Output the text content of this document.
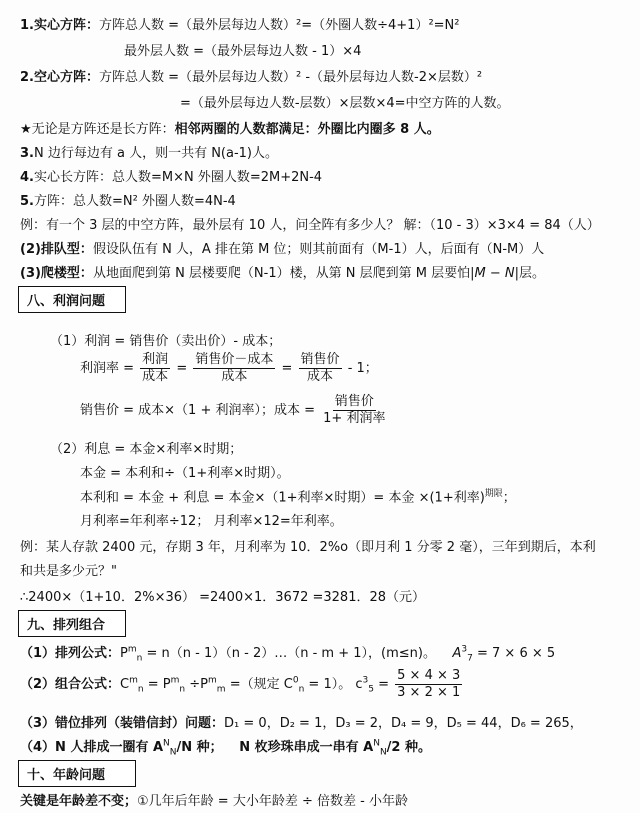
1.实心方阵：方阵总人数 =（最外层每边人数）²=（外圈人数÷4+1）²=N²
最外层人数 =（最外层每边人数 - 1）×4
2.空心方阵：方阵总人数 =（最外层每边人数）² -（最外层每边人数-2×层数）²
=（最外层每边人数-层数）×层数×4=中空方阵的人数。
★无论是方阵还是长方阵：相邻两圈的人数都满足：外圈比内圈多 8 人。
3.N 边行每边有 a 人，则一共有 N(a-1)人。
4.实心长方阵：总人数=M×N 外圈人数=2M+2N-4
5.方阵：总人数=N² 外圈人数=4N-4
例：有一个 3 层的中空方阵，最外层有 10 人，问全阵有多少人？ 解：（10 - 3）×3×4 = 84（人）
(2)排队型：假设队伍有 N 人，A 排在第 M 位；则其前面有（M-1）人，后面有（N-M）人
(3)爬楼型：从地面爬到第 N 层楼要爬（N-1）楼，从第 N 层爬到第 M 层要怕|M − N|层。
八、利润问题
（1）利润 = 销售价（卖出价）- 成本；
利润率 = $\frac{\text{利润}}{\text{成本}} = \frac{\text{销售价－成本}}{\text{成本}} = \frac{\text{销售价}}{\text{成本}} - 1$；
销售价 = 成本×（1 + 利润率）；成本 = $\frac{\text{销售价}}{\text{1+ 利润率}}$
（2）利息 = 本金×利率×时期；
本金 = 本利和÷（1+利率×时期）。
本利和 = 本金 + 利息 = 本金×（1+利率×时期）= 本金 ×(1+利率)$^{期限}$；
月利率=年利率÷12； 月利率×12=年利率。
例：某人存款 2400 元，存期 3 年，月利率为 10．2%o（即月利 1 分零 2 毫），三年到期后，本利
和共是多少元？"
∴2400×（1+10．2%×36） =2400×1．3672 =3281．28（元）
九、排列组合
（1）排列公式：$P^m_n = n(n - 1)(n$ - 2）…（n - m + 1），(m≤n)。 $A^3_7 = 7 \times 6 \times 5$
（2）组合公式：$C^m_n = P^m_n \div P^m_m$ =（规定 $C^0_n = 1$）。 $c^3_5 = \frac{5 \times 4 \times 3}{3 \times 2 \times 1}$
（3）错位排列（装错信封）问题：D₁ = 0，D₂ = 1，D₃ = 2，D₄ = 9，D₅ = 44，D₆ = 265，
（4）N 人排成一圈有 $A^N_N/N$ 种； N 枚珍珠串成一串有 $A^N_N/2$ 种。
十、年龄问题
关键是年龄差不变；①几年后年龄 = 大小年龄差 ÷ 倍数差 - 小年龄
